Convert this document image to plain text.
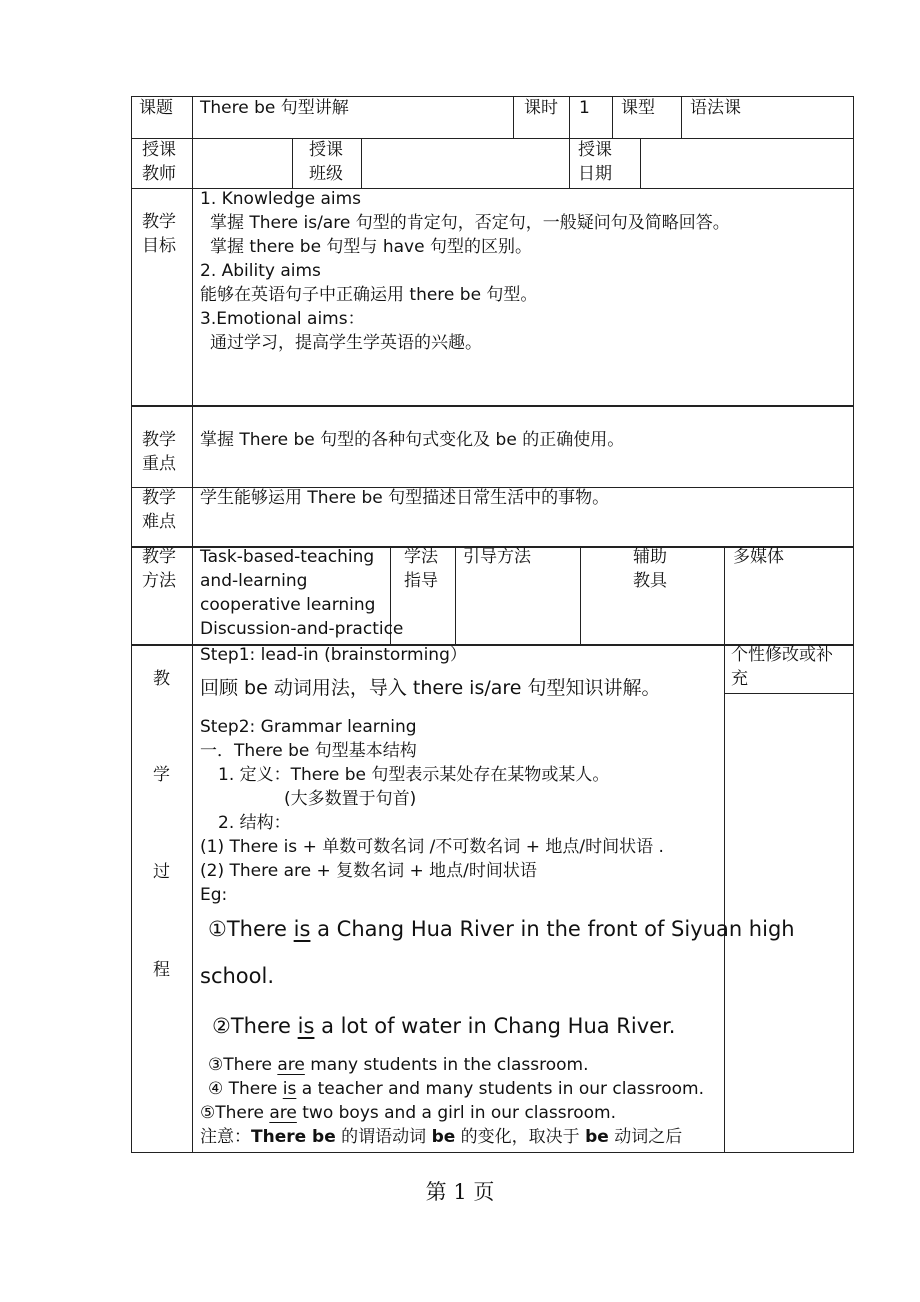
课题 There be 句型讲解	课时 1 课型 语法课
授课
教师
授课
班级
授课
日期
教学
目标
1. Knowledge aims
掌握 There is/are 句型的肯定句，否定句，一般疑问句及简略回答。
掌握 there be 句型与 have 句型的区别。
2. Ability aims
能够在英语句子中正确运用 there be 句型。
3.Emotional aims：
通过学习，提高学生学英语的兴趣。
教学
重点
掌握 There be 句型的各种句式变化及 be 的正确使用。
教学
难点
学生能够运用 There be 句型描述日常生活中的事物。
教学
方法
Task-based-teaching
and-learning
cooperative learning
Discussion-and-practice
学法
指导
引导方法	辅助
教具
多媒体
教
学
过
程
个性修改或补充
Step1: lead-in (brainstorming）
回顾 be 动词用法，导入 there is/are 句型知识讲解。
Step2: Grammar learning
一．There be 句型基本结构
1. 定义：There be 句型表示某处存在某物或某人。
(大多数置于句首)
2. 结构：
(1) There is + 单数可数名词 /不可数名词 + 地点/时间状语 .
(2) There are + 复数名词 + 地点/时间状语
Eg:
①There is a Chang Hua River in the front of Siyuan high
school.
②There is a lot of water in Chang Hua River.
③There are many students in the classroom.
④ There is a teacher and many students in our classroom.
⑤There are two boys and a girl in our classroom.
注意：There be 的谓语动词 be 的变化，取决于 be 动词之后
第 1 页
